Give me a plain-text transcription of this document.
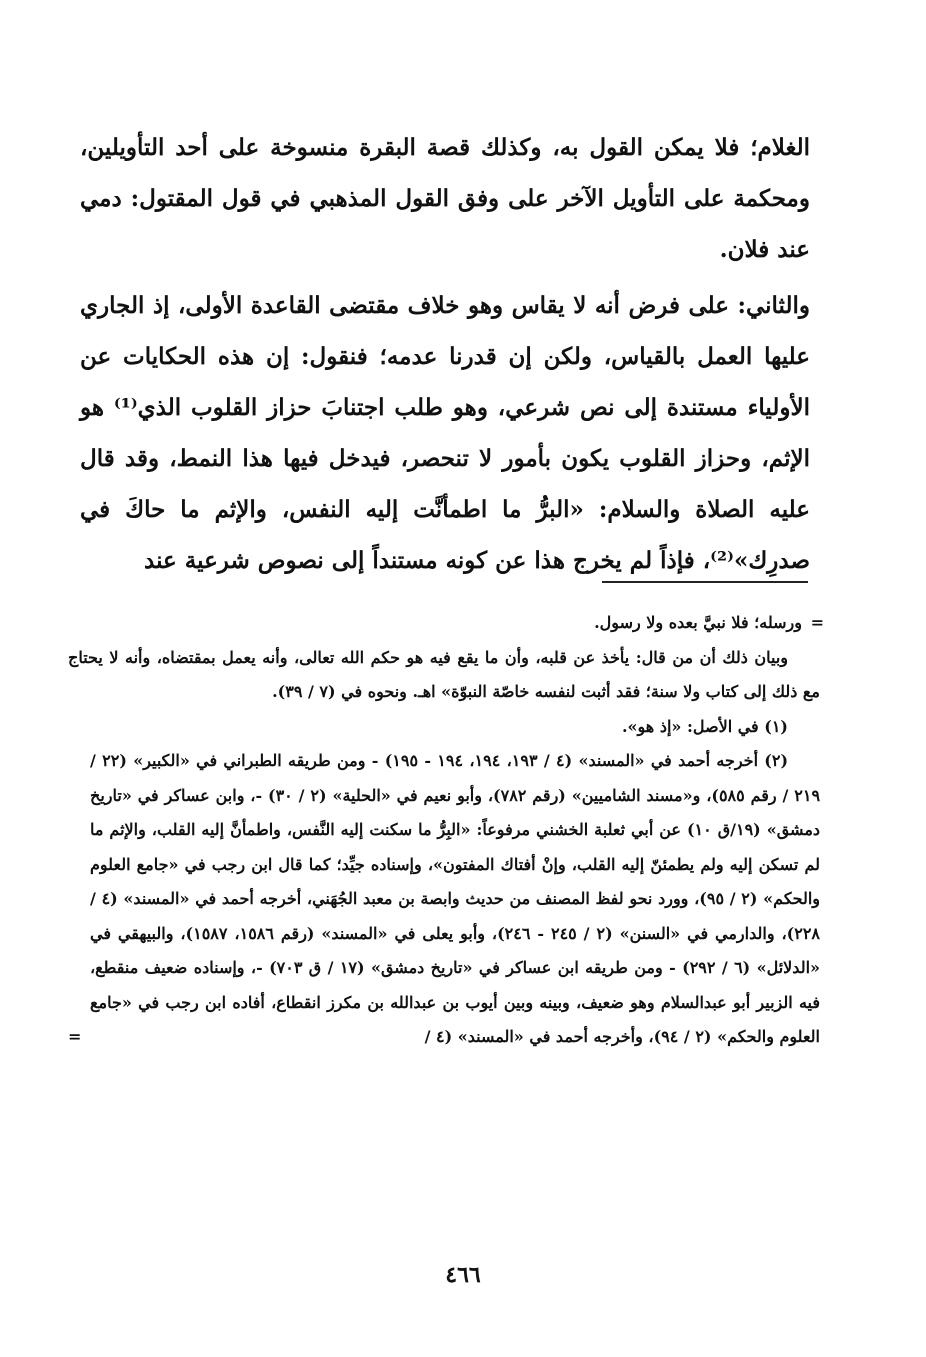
الغلام؛ فلا يمكن القول به، وكذلك قصة البقرة منسوخة على أحد التأويلين، ومحكمة على التأويل الآخر على وفق القول المذهبي في قول المقتول: دمي عند فلان.

والثاني: على فرض أنه لا يقاس وهو خلاف مقتضى القاعدة الأولى، إذ الجاري عليها العمل بالقياس، ولكن إن قدرنا عدمه؛ فنقول: إن هذه الحكايات عن الأولياء مستندة إلى نص شرعي، وهو طلب اجتنابَ حزاز القلوب الذي⁽¹⁾ هو الإثم، وحزاز القلوب يكون بأمور لا تنحصر، فيدخل فيها هذا النمط، وقد قال عليه الصلاة والسلام: «البرُّ ما اطمأنَّت إليه النفس، والإثم ما حاكَ في صدرِك»⁽²⁾، فإذاً لم يخرج هذا عن كونه مستنداً إلى نصوص شرعية عند

=
ورسله؛ فلا نبيَّ بعده ولا رسول.

وبيان ذلك أن من قال: يأخذ عن قلبه، وأن ما يقع فيه هو حكم الله تعالى، وأنه يعمل بمقتضاه، وأنه لا يحتاج مع ذلك إلى كتاب ولا سنة؛ فقد أثبت لنفسه خاصّة النبوّة» اهـ. ونحوه في (٧ / ٣٩).

(١) في الأصل: «إذ هو».

(٢) أخرجه أحمد في «المسند» (٤ / ١٩٣، ١٩٤، ١٩٤ - ١٩٥) - ومن طريقه الطبراني في «الكبير» (٢٢ / ٢١٩ / رقم ٥٨٥)، و«مسند الشاميين» (رقم ٧٨٢)، وأبو نعيم في «الحلية» (٢ / ٣٠) -، وابن عساكر في «تاريخ دمشق» (١٩/ق ١٠) عن أبي ثعلبة الخشني مرفوعاً: «البِرُّ ما سكنت إليه النَّفس، واطمأنَّ إليه القلب، والإثم ما لم تسكن إليه ولم يطمئنّ إليه القلب، وإنْ أفتاك المفتون»، وإسناده جيِّد؛ كما قال ابن رجب في «جامع العلوم والحكم» (٢ / ٩٥)، وورد نحو لفظ المصنف من حديث وابصة بن معبد الجُهَني، أخرجه أحمد في «المسند» (٤ / ٢٢٨)، والدارمي في «السنن» (٢ / ٢٤٥ - ٢٤٦)، وأبو يعلى في «المسند» (رقم ١٥٨٦، ١٥٨٧)، والبيهقي في «الدلائل» (٦ / ٢٩٢) - ومن طريقه ابن عساكر في «تاريخ دمشق» (١٧ / ق ٧٠٣) -، وإسناده ضعيف منقطع، فيه الزبير أبو عبدالسلام وهو ضعيف، وبينه وبين أيوب بن عبدالله بن مكرز انقطاع، أفاده ابن رجب في «جامع العلوم والحكم» (٢ / ٩٤)، وأخرجه أحمد في «المسند» (٤ /
=

٤٦٦
